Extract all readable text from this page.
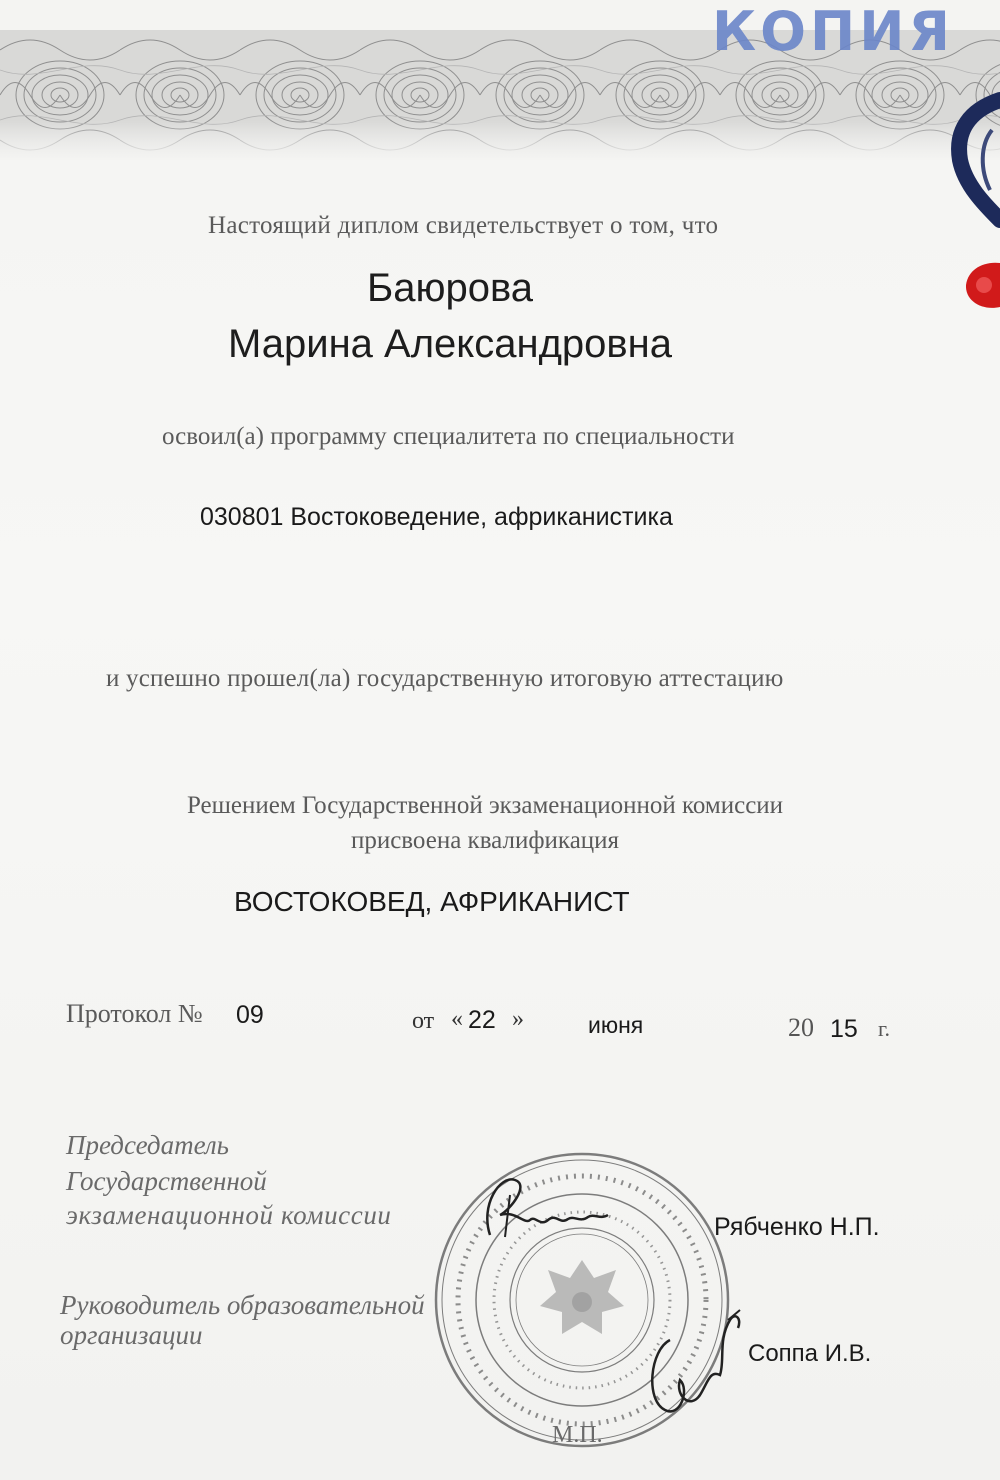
КОПИЯ
Настоящий диплом свидетельствует о том, что
Баюрова
Марина Александровна
освоил(а) программу специалитета по специальности
030801 Востоковедение, африканистика
и успешно прошел(ла) государственную итоговую аттестацию
Решением Государственной экзаменационной комиссии
присвоена квалификация
ВОСТОКОВЕД, АФРИКАНИСТ
Протокол № 09	от « 22 »	июня	20 15 г.
Председатель
Государственной
экзаменационной комиссии	Рябченко Н.П.
Руководитель образовательной
организации
Соппа И.В.
М.П.
